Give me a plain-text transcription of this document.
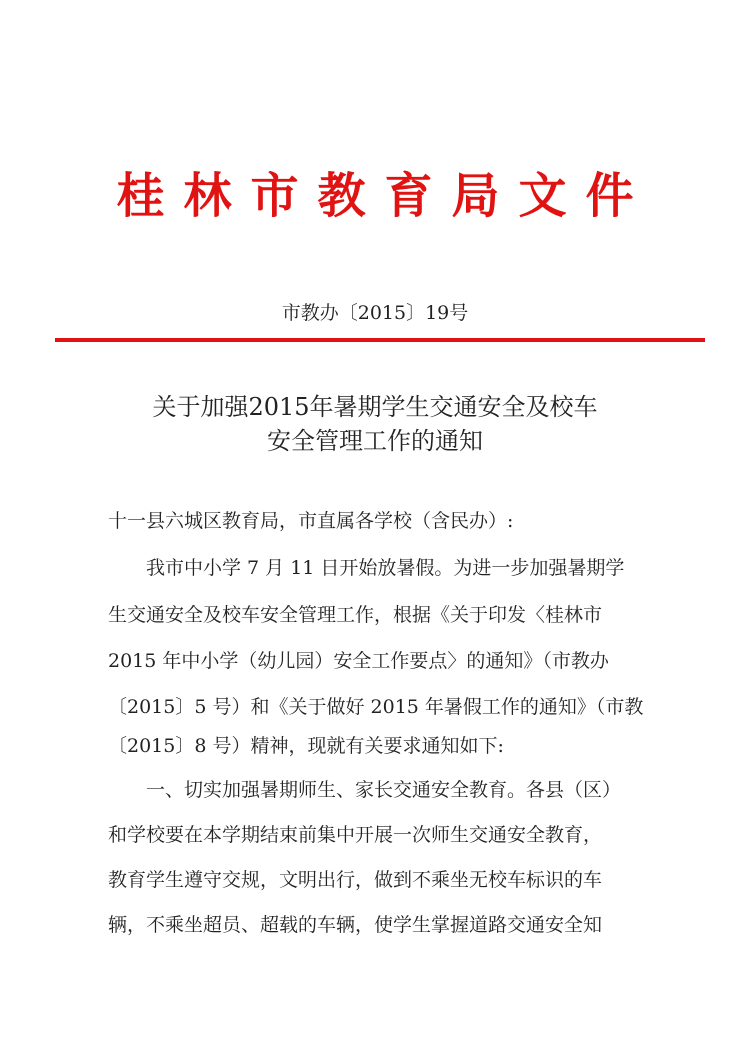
桂林市教育局文件
市教办〔2015〕19号
关于加强2015年暑期学生交通安全及校车
安全管理工作的通知
十一县六城区教育局，市直属各学校（含民办）:
我市中小学 7 月 11 日开始放暑假。为进一步加强暑期学
生交通安全及校车安全管理工作，根据《关于印发〈桂林市
2015 年中小学（幼儿园）安全工作要点〉的通知》（市教办
〔2015〕5 号）和《关于做好 2015 年暑假工作的通知》（市教
〔2015〕8 号）精神，现就有关要求通知如下:
一、切实加强暑期师生、家长交通安全教育。各县（区）
和学校要在本学期结束前集中开展一次师生交通安全教育，
教育学生遵守交规，文明出行，做到不乘坐无校车标识的车
辆，不乘坐超员、超载的车辆，使学生掌握道路交通安全知
